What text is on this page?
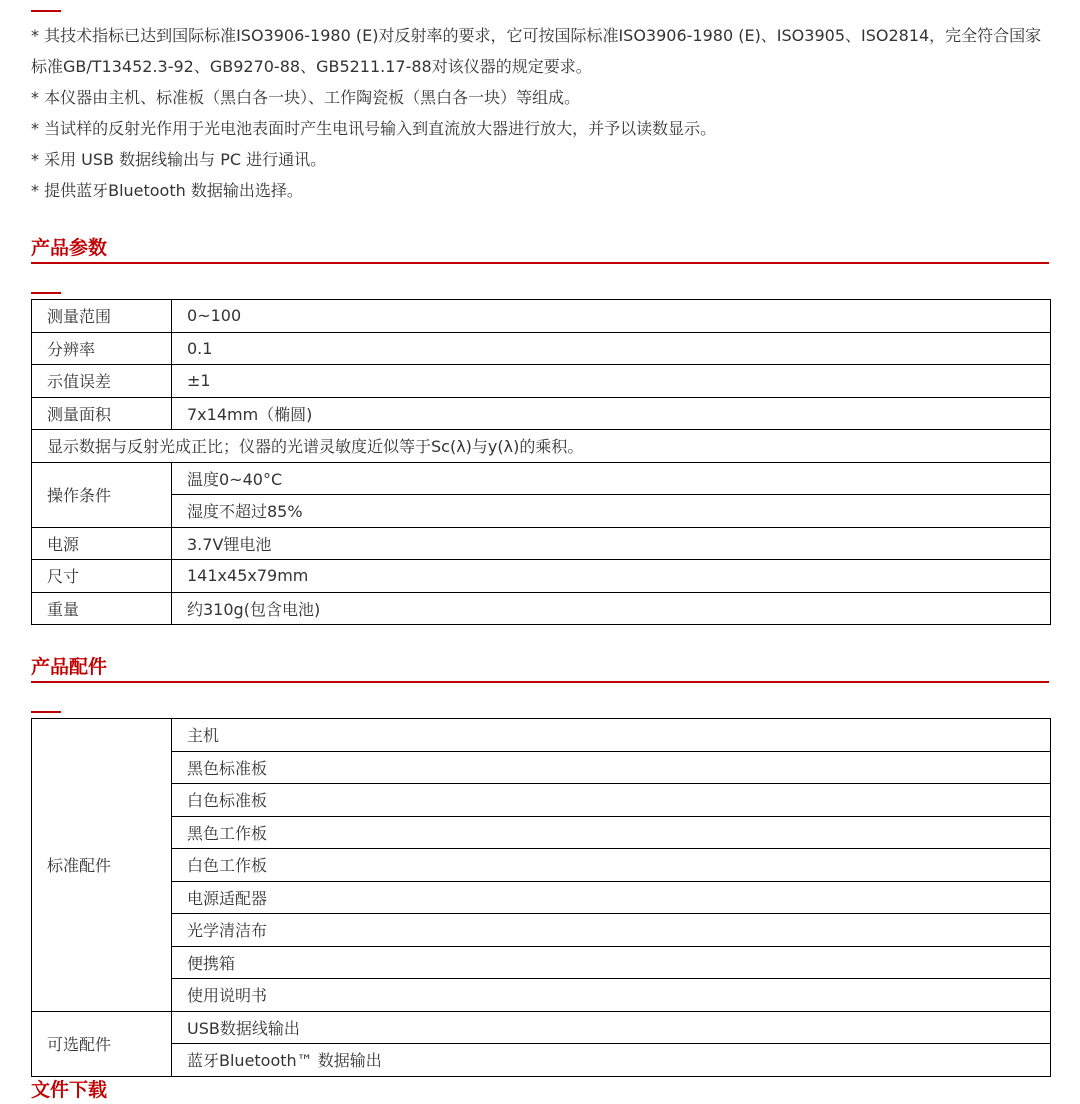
* 其技术指标已达到国际标准ISO3906-1980 (E)对反射率的要求，它可按国际标准ISO3906-1980 (E)、ISO3905、ISO2814，完全符合国家标准GB/T13452.3-92、GB9270-88、GB5211.17-88对该仪器的规定要求。

* 本仪器由主机、标准板（黑白各一块）、工作陶瓷板（黑白各一块）等组成。

* 当试样的反射光作用于光电池表面时产生电讯号输入到直流放大器进行放大，并予以读数显示。

* 采用 USB 数据线输出与 PC 进行通讯。

* 提供蓝牙Bluetooth 数据输出选择。

产品参数
测量范围	0~100
分辨率	0.1
示值误差	±1
测量面积	7x14mm（椭圆)
显示数据与反射光成正比；仪器的光谱灵敏度近似等于Sc(λ)与y(λ)的乘积。	
操作条件	温度0~40°C
	湿度不超过85%
电源	3.7V锂电池
尺寸	141x45x79mm
重量	约310g(包含电池)
产品配件
标准配件	主机
	黑色标准板
	白色标准板
	黑色工作板
	白色工作板
	电源适配器
	光学清洁布
	便携箱
	使用说明书
可选配件	USB数据线输出
	蓝牙Bluetooth™ 数据输出
文件下载
